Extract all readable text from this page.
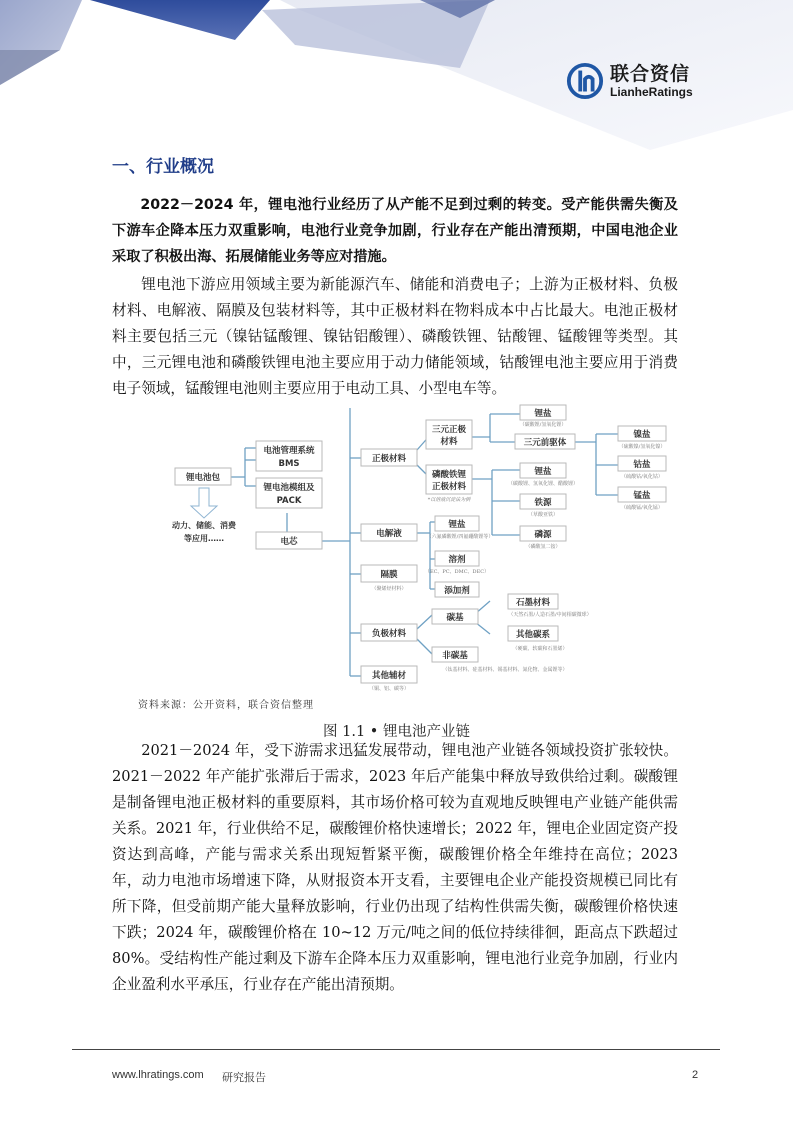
联合资信
LianheRatings
一、行业概况

2022－2024 年，锂电池行业经历了从产能不足到过剩的转变。受产能供需失衡及下游车企降本压力双重影响，电池行业竞争加剧，行业存在产能出清预期，中国电池企业采取了积极出海、拓展储能业务等应对措施。

锂电池下游应用领域主要为新能源汽车、储能和消费电子；上游为正极材料、负极材料、电解液、隔膜及包装材料等，其中正极材料在物料成本中占比最大。电池正极材料主要包括三元（镍钴锰酸锂、镍钴铝酸锂）、磷酸铁锂、钴酸锂、锰酸锂等类型。其中，三元锂电池和磷酸铁锂电池主要应用于动力储能领域，钴酸锂电池主要应用于消费电子领域，锰酸锂电池则主要应用于电动工具、小型电车等。

锂电池包
动力、储能、消费
等应用……
电池管理系统
BMS
锂电池模组及
PACK
电芯
正极材料
电解液
隔膜
（聚烯烃材料）
负极材料
其他辅材
（铜、铝、碳等）
三元正极
材料
磷酸铁锂
正极材料
*以溶液沉淀法为例
锂盐
（碳酸锂/氢氧化锂）
三元前驱体
镍盐
（硫酸镍/氢氧化镍）
钴盐
（硫酸钴/氧化钴）
锰盐
（硫酸锰/氧化锰）
锂盐
（碳酸锂、氢氧化锂、醋酸锂）
铁源
（草酸亚铁）
磷源
（磷酸氢二铵）
锂盐
（六氟磷酸锂/四氟硼酸锂等）
溶剂
（EC、PC、DMC、DEC）
添加剂
碳基
石墨材料
（天然石墨/人造石墨/中间相碳微球）
其他碳系
（硬碳、软碳和石墨烯）
非碳基
（钛基材料、硅基材料、锡基材料、氮化物、金属锂等）
资料来源：公开资料，联合资信整理
图 1.1 • 锂电池产业链

2021－2024 年，受下游需求迅猛发展带动，锂电池产业链各领域投资扩张较快。2021－2022 年产能扩张滞后于需求，2023 年后产能集中释放导致供给过剩。碳酸锂是制备锂电池正极材料的重要原料，其市场价格可较为直观地反映锂电产业链产能供需关系。2021 年，行业供给不足，碳酸锂价格快速增长；2022 年，锂电企业固定资产投资达到高峰，产能与需求关系出现短暂紧平衡，碳酸锂价格全年维持在高位；2023 年，动力电池市场增速下降，从财报资本开支看，主要锂电企业产能投资规模已同比有所下降，但受前期产能大量释放影响，行业仍出现了结构性供需失衡，碳酸锂价格快速下跌；2024 年，碳酸锂价格在 10~12 万元/吨之间的低位持续徘徊，距高点下跌超过 80%。受结构性产能过剩及下游车企降本压力双重影响，锂电池行业竞争加剧，行业内企业盈利水平承压，行业存在产能出清预期。

www.lhratings.com 研究报告	2
